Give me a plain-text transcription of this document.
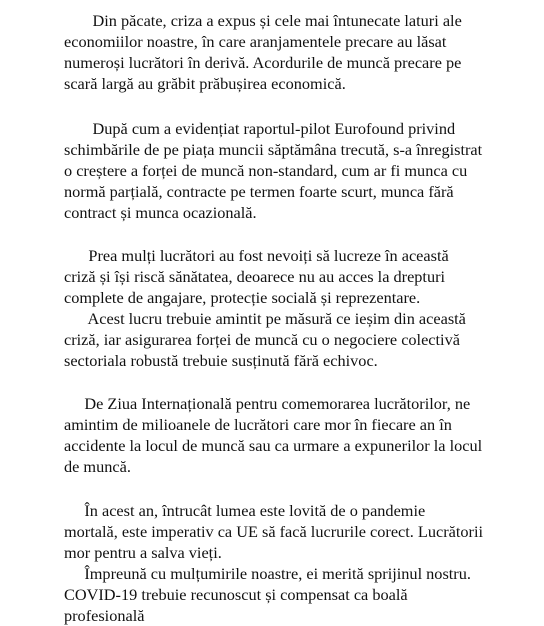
Din păcate, criza a expus și cele mai întunecate laturi ale
economiilor noastre, în care aranjamentele precare au lăsat
numeroși lucrători în derivă. Acordurile de muncă precare pe
scară largă au grăbit prăbușirea economică.
După cum a evidențiat raportul-pilot Eurofound privind
schimbările de pe piața muncii săptămâna trecută, s-a înregistrat
o creștere a forței de muncă non-standard, cum ar fi munca cu
normă parțială, contracte pe termen foarte scurt, munca fără
contract și munca ocazională.
Prea mulți lucrători au fost nevoiți să lucreze în această
criză și își riscă sănătatea, deoarece nu au acces la drepturi
complete de angajare, protecție socială și reprezentare.
Acest lucru trebuie amintit pe măsură ce ieșim din această
criză, iar asigurarea forței de muncă cu o negociere colectivă
sectoriala robustă trebuie susținută fără echivoc.
De Ziua Internațională pentru comemorarea lucrătorilor, ne
amintim de milioanele de lucrători care mor în fiecare an în
accidente la locul de muncă sau ca urmare a expunerilor la locul
de muncă.
În acest an, întrucât lumea este lovită de o pandemie
mortală, este imperativ ca UE să facă lucrurile corect. Lucrătorii
mor pentru a salva vieți.
Împreună cu mulțumirile noastre, ei merită sprijinul nostru.
COVID-19 trebuie recunoscut și compensat ca boală
profesională
